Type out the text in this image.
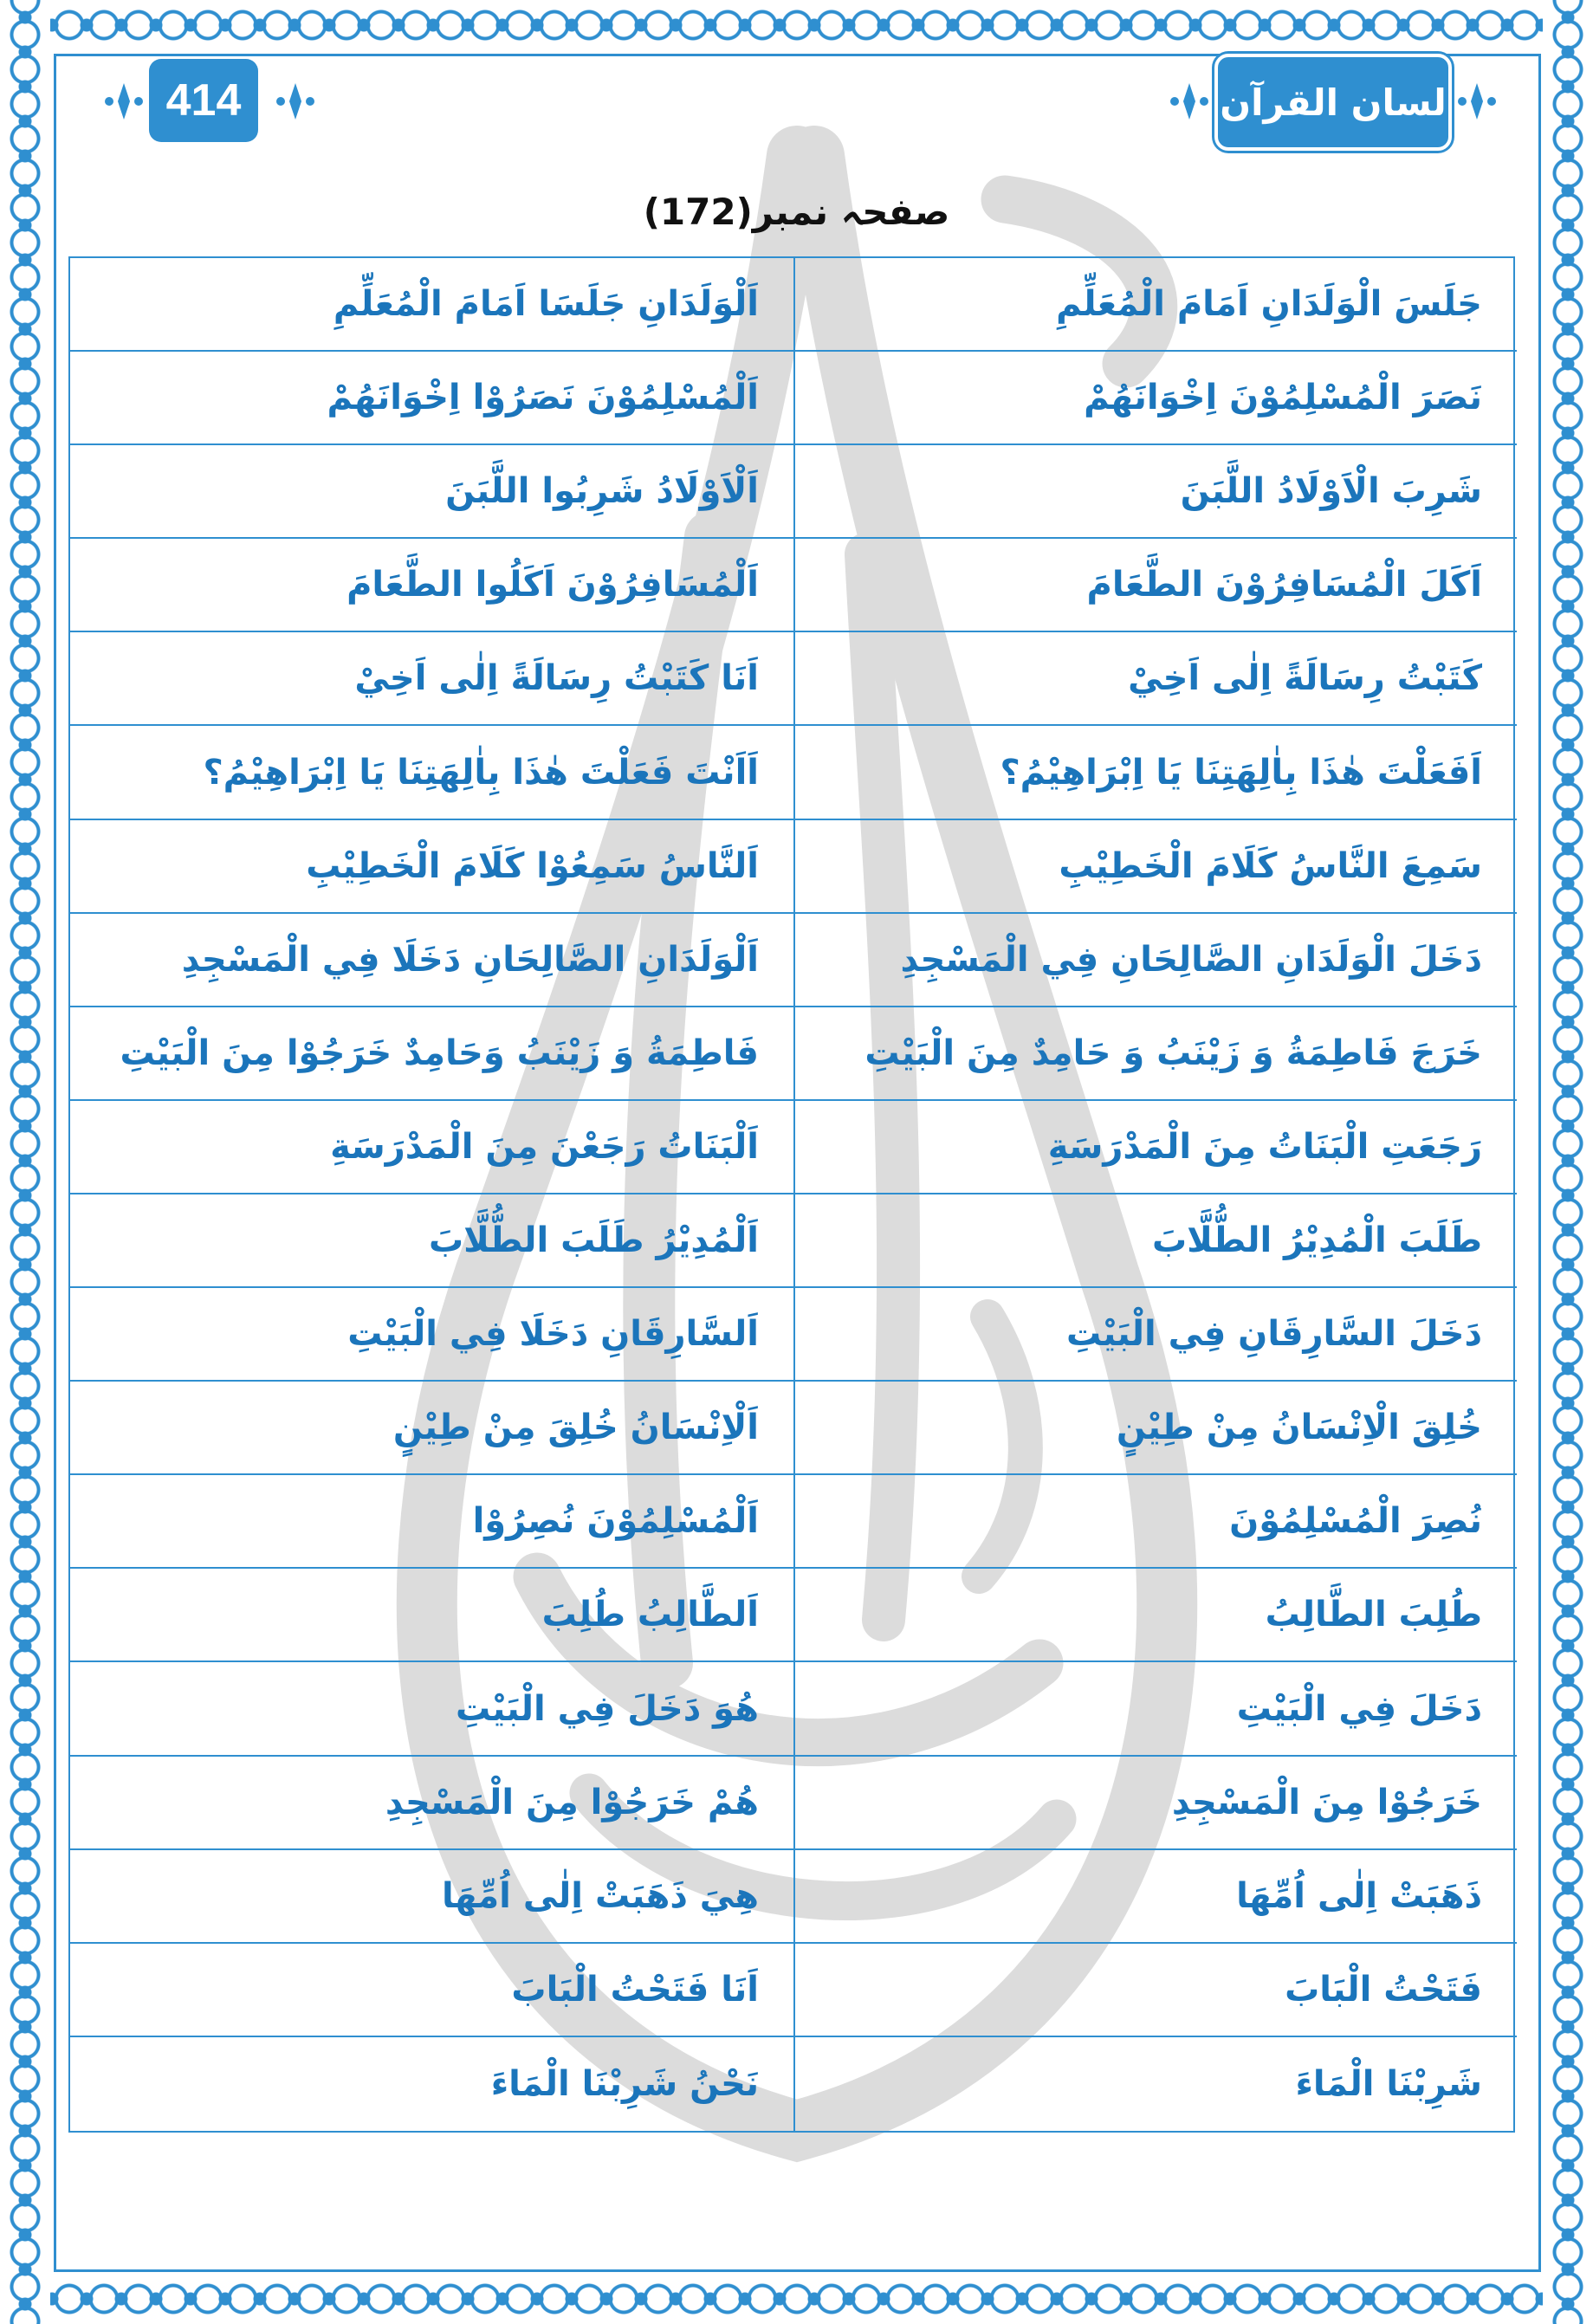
414	لسان القرآن
صفحہ نمبر(172)
جَلَسَ الْوَلَدَانِ اَمَامَ الْمُعَلِّمِ
اَلْوَلَدَانِ جَلَسَا اَمَامَ الْمُعَلِّمِ
نَصَرَ الْمُسْلِمُوْنَ اِخْوَانَهُمْ
اَلْمُسْلِمُوْنَ نَصَرُوْا اِخْوَانَهُمْ
شَرِبَ الْاَوْلَادُ اللَّبَنَ
اَلْاَوْلَادُ شَرِبُوا اللَّبَنَ
اَكَلَ الْمُسَافِرُوْنَ الطَّعَامَ
اَلْمُسَافِرُوْنَ اَكَلُوا الطَّعَامَ
كَتَبْتُ رِسَالَةً اِلٰى اَخِيْ
اَنَا كَتَبْتُ رِسَالَةً اِلٰى اَخِيْ
اَفَعَلْتَ هٰذَا بِاٰلِهَتِنَا يَا اِبْرَاهِيْمُ؟
اَاَنْتَ فَعَلْتَ هٰذَا بِاٰلِهَتِنَا يَا اِبْرَاهِيْمُ؟
سَمِعَ النَّاسُ كَلَامَ الْخَطِيْبِ
اَلنَّاسُ سَمِعُوْا كَلَامَ الْخَطِيْبِ
دَخَلَ الْوَلَدَانِ الصَّالِحَانِ فِي الْمَسْجِدِ
اَلْوَلَدَانِ الصَّالِحَانِ دَخَلَا فِي الْمَسْجِدِ
خَرَجَ فَاطِمَةُ وَ زَيْنَبُ وَ حَامِدٌ مِنَ الْبَيْتِ
فَاطِمَةُ وَ زَيْنَبُ وَحَامِدٌ خَرَجُوْا مِنَ الْبَيْتِ
رَجَعَتِ الْبَنَاتُ مِنَ الْمَدْرَسَةِ
اَلْبَنَاتُ رَجَعْنَ مِنَ الْمَدْرَسَةِ
طَلَبَ الْمُدِيْرُ الطُّلَّابَ
اَلْمُدِيْرُ طَلَبَ الطُّلَّابَ
دَخَلَ السَّارِقَانِ فِي الْبَيْتِ
اَلسَّارِقَانِ دَخَلَا فِي الْبَيْتِ
خُلِقَ الْاِنْسَانُ مِنْ طِيْنٍ
اَلْاِنْسَانُ خُلِقَ مِنْ طِيْنٍ
نُصِرَ الْمُسْلِمُوْنَ
اَلْمُسْلِمُوْنَ نُصِرُوْا
طُلِبَ الطَّالِبُ
اَلطَّالِبُ طُلِبَ
دَخَلَ فِي الْبَيْتِ
هُوَ دَخَلَ فِي الْبَيْتِ
خَرَجُوْا مِنَ الْمَسْجِدِ
هُمْ خَرَجُوْا مِنَ الْمَسْجِدِ
ذَهَبَتْ اِلٰى اُمِّهَا
هِيَ ذَهَبَتْ اِلٰى اُمِّهَا
فَتَحْتُ الْبَابَ
اَنَا فَتَحْتُ الْبَابَ
شَرِبْنَا الْمَاءَ
نَحْنُ شَرِبْنَا الْمَاءَ
